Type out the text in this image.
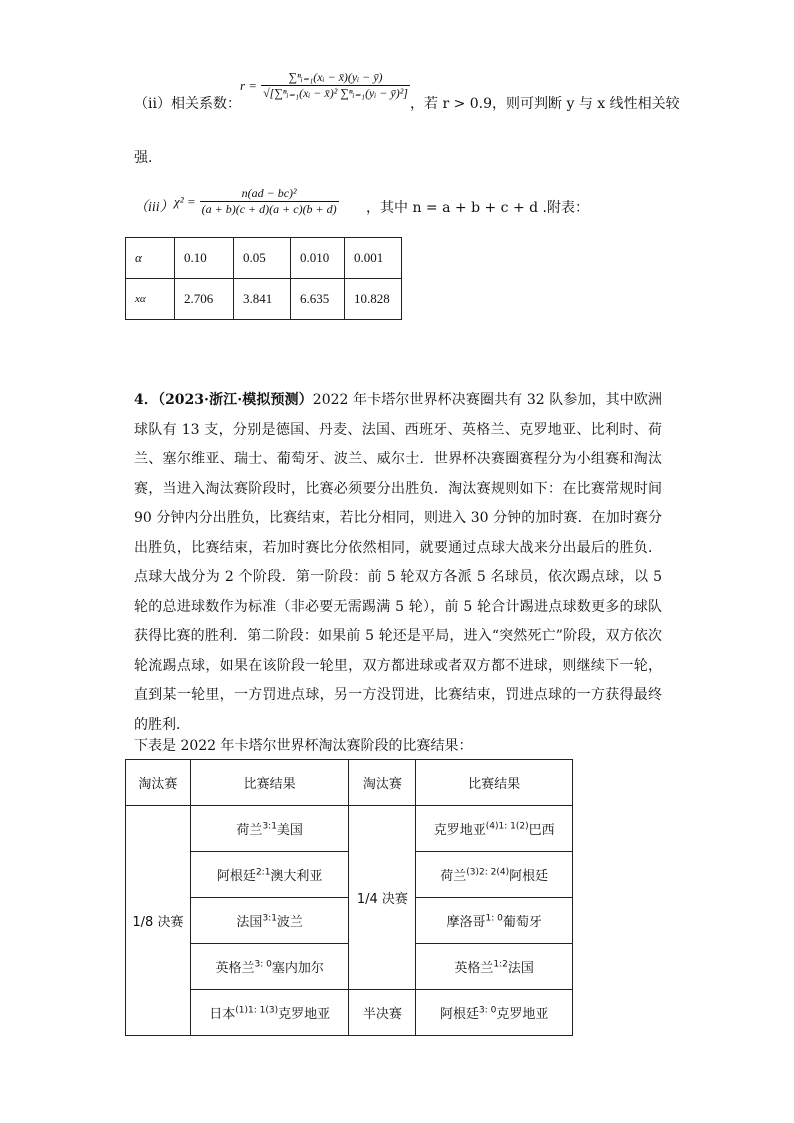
（ii）相关系数：
$r = \frac{\text{∑ⁿᵢ₌₁(xᵢ − x̄)(yᵢ − ȳ)}}{\text{√[∑ⁿᵢ₌₁(xᵢ − x̄)² ∑ⁿᵢ₌₁(yᵢ − ȳ)²]}}$
，若 r > 0.9，则可判断 y 与 x 线性相关较
强.
（iii） $\chi^2 = \frac{\text{n(ad − bc)²}}{(a + b)(c + d)(a + c)(b + d)}$ ，其中 n = a + b + c + d .附表：
α	0.10	0.05	0.010	0.001
xα	2.706	3.841	6.635	10.828
4．（2023·浙江·模拟预测）2022 年卡塔尔世界杯决赛圈共有 32 队参加，其中欧洲球队有 13 支，分别是德国、丹麦、法国、西班牙、英格兰、克罗地亚、比利时、荷兰、塞尔维亚、瑞士、葡萄牙、波兰、威尔士．世界杯决赛圈赛程分为小组赛和淘汰赛，当进入淘汰赛阶段时，比赛必须要分出胜负．淘汰赛规则如下：在比赛常规时间 90 分钟内分出胜负，比赛结束，若比分相同，则进入 30 分钟的加时赛．在加时赛分出胜负，比赛结束，若加时赛比分依然相同，就要通过点球大战来分出最后的胜负．点球大战分为 2 个阶段．第一阶段：前 5 轮双方各派 5 名球员，依次踢点球，以 5 轮的总进球数作为标准（非必要无需踢满 5 轮），前 5 轮合计踢进点球数更多的球队获得比赛的胜利．第二阶段：如果前 5 轮还是平局，进入“突然死亡”阶段，双方依次轮流踢点球，如果在该阶段一轮里，双方都进球或者双方都不进球，则继续下一轮，直到某一轮里，一方罚进点球，另一方没罚进，比赛结束，罚进点球的一方获得最终的胜利．
下表是 2022 年卡塔尔世界杯淘汰赛阶段的比赛结果：
淘汰赛	比赛结果	淘汰赛	比赛结果
1/8 决赛	荷兰$^{3:1}$美国	1/4 决赛	克罗地亚$^{(4)1: 1(2)}$巴西
	阿根廷$^{2:1}$澳大利亚		荷兰$^{(3)2: 2(4)}$阿根廷
	法国$^{3:1}$波兰		摩洛哥$^{1: 0}$葡萄牙
	英格兰$^{3: 0}$塞内加尔		英格兰$^{1:2}$法国
	日本$^{(1)1: 1(3)}$克罗地亚	半决赛	阿根廷$^{3: 0}$克罗地亚
